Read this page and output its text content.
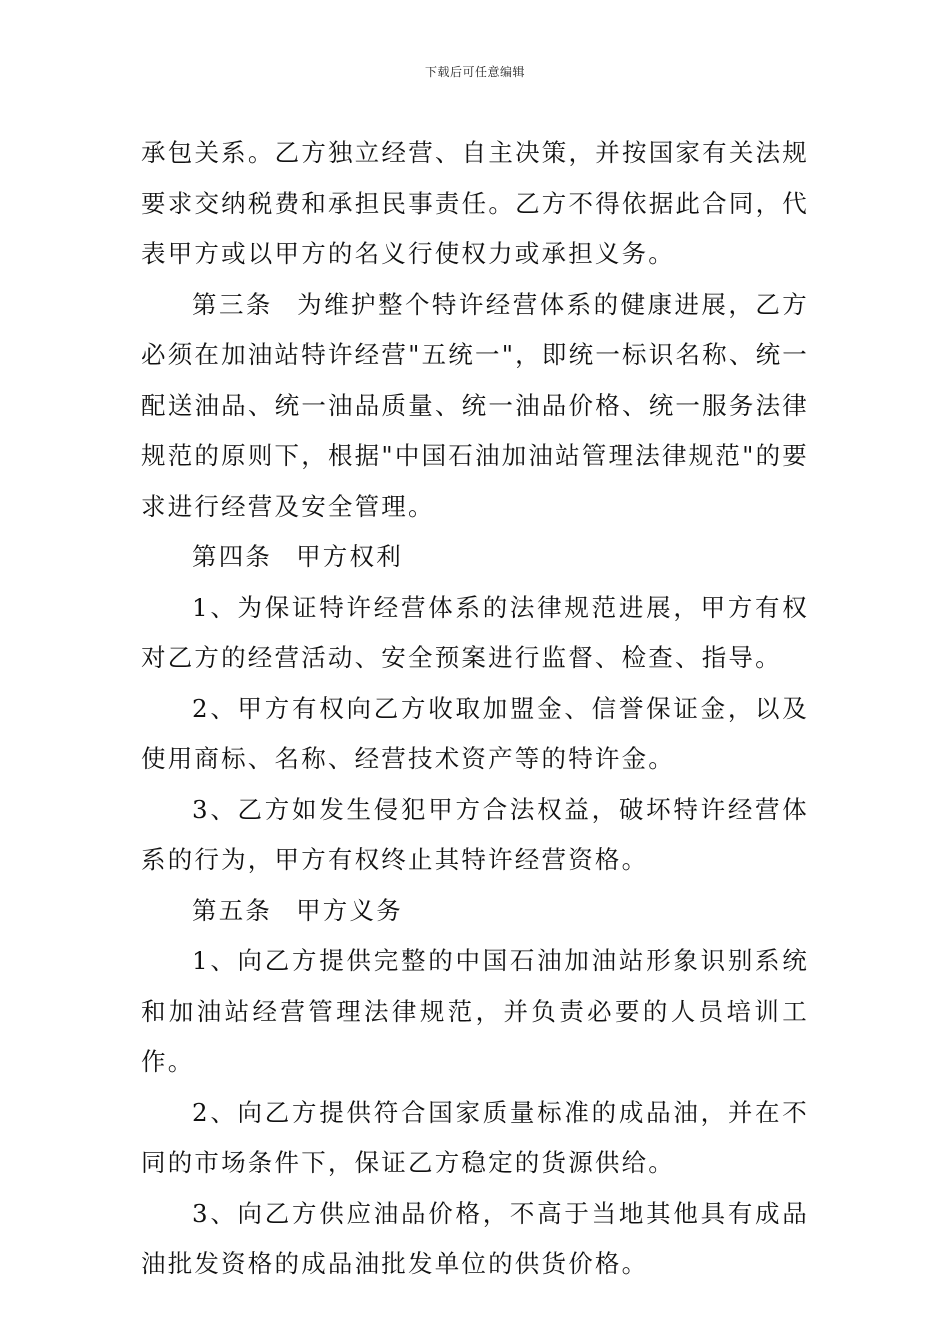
下载后可任意编辑

承包关系。乙方独立经营、自主决策，并按国家有关法规要求交纳税费和承担民事责任。乙方不得依据此合同，代表甲方或以甲方的名义行使权力或承担义务。

第三条 为维护整个特许经营体系的健康进展，乙方必须在加油站特许经营"五统一"，即统一标识名称、统一配送油品、统一油品质量、统一油品价格、统一服务法律规范的原则下，根据"中国石油加油站管理法律规范"的要求进行经营及安全管理。

第四条 甲方权利

1、为保证特许经营体系的法律规范进展，甲方有权对乙方的经营活动、安全预案进行监督、检查、指导。

2、甲方有权向乙方收取加盟金、信誉保证金，以及使用商标、名称、经营技术资产等的特许金。

3、乙方如发生侵犯甲方合法权益，破坏特许经营体系的行为，甲方有权终止其特许经营资格。

第五条 甲方义务

1、向乙方提供完整的中国石油加油站形象识别系统和加油站经营管理法律规范，并负责必要的人员培训工作。

2、向乙方提供符合国家质量标准的成品油，并在不同的市场条件下，保证乙方稳定的货源供给。

3、向乙方供应油品价格，不高于当地其他具有成品油批发资格的成品油批发单位的供货价格。
